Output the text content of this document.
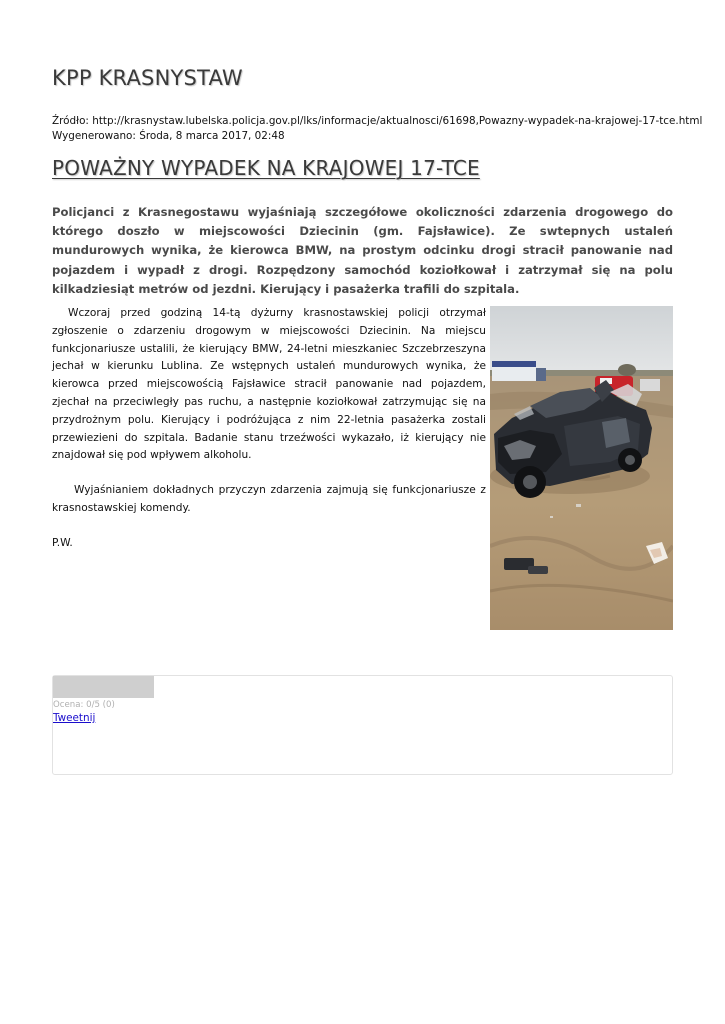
KPP KRASNYSTAW
Źródło: http://krasnystaw.lubelska.policja.gov.pl/lks/informacje/aktualnosci/61698,Powazny-wypadek-na-krajowej-17-tce.html
Wygenerowano: Środa, 8 marca 2017, 02:48
POWAŻNY WYPADEK NA KRAJOWEJ 17-TCE

Policjanci z Krasnegostawu wyjaśniają szczegółowe okoliczności zdarzenia drogowego do którego doszło w miejscowości Dziecinin (gm. Fajsławice). Ze swtepnych ustaleń mundurowych wynika, że kierowca BMW, na prostym odcinku drogi stracił panowanie nad pojazdem i wypadł z drogi. Rozpędzony samochód koziołkował i zatrzymał się na polu kilkadziesiąt metrów od jezdni. Kierujący i pasażerka trafili do szpitala.

Wczoraj przed godziną 14-tą dyżurny krasnostawskiej policji otrzymał zgłoszenie o zdarzeniu drogowym w miejscowości Dziecinin. Na miejscu funkcjonariusze ustalili, że kierujący BMW, 24-letni mieszkaniec Szczebrzeszyna jechał w kierunku Lublina. Ze wstępnych ustaleń mundurowych wynika, że kierowca przed miejscowością Fajsławice stracił panowanie nad pojazdem, zjechał na przeciwległy pas ruchu, a następnie koziołkował zatrzymując się na przydrożnym polu. Kierujący i podróżująca z nim 22-letnia pasażerka zostali przewiezieni do szpitala. Badanie stanu trzeźwości wykazało, iż kierujący nie znajdował się pod wpływem alkoholu.

Wyjaśnianiem dokładnych przyczyn zdarzenia zajmują się funkcjonariusze z krasnostawskiej komendy.

P.W.

Ocena: 0/5 (0)
Tweetnij
